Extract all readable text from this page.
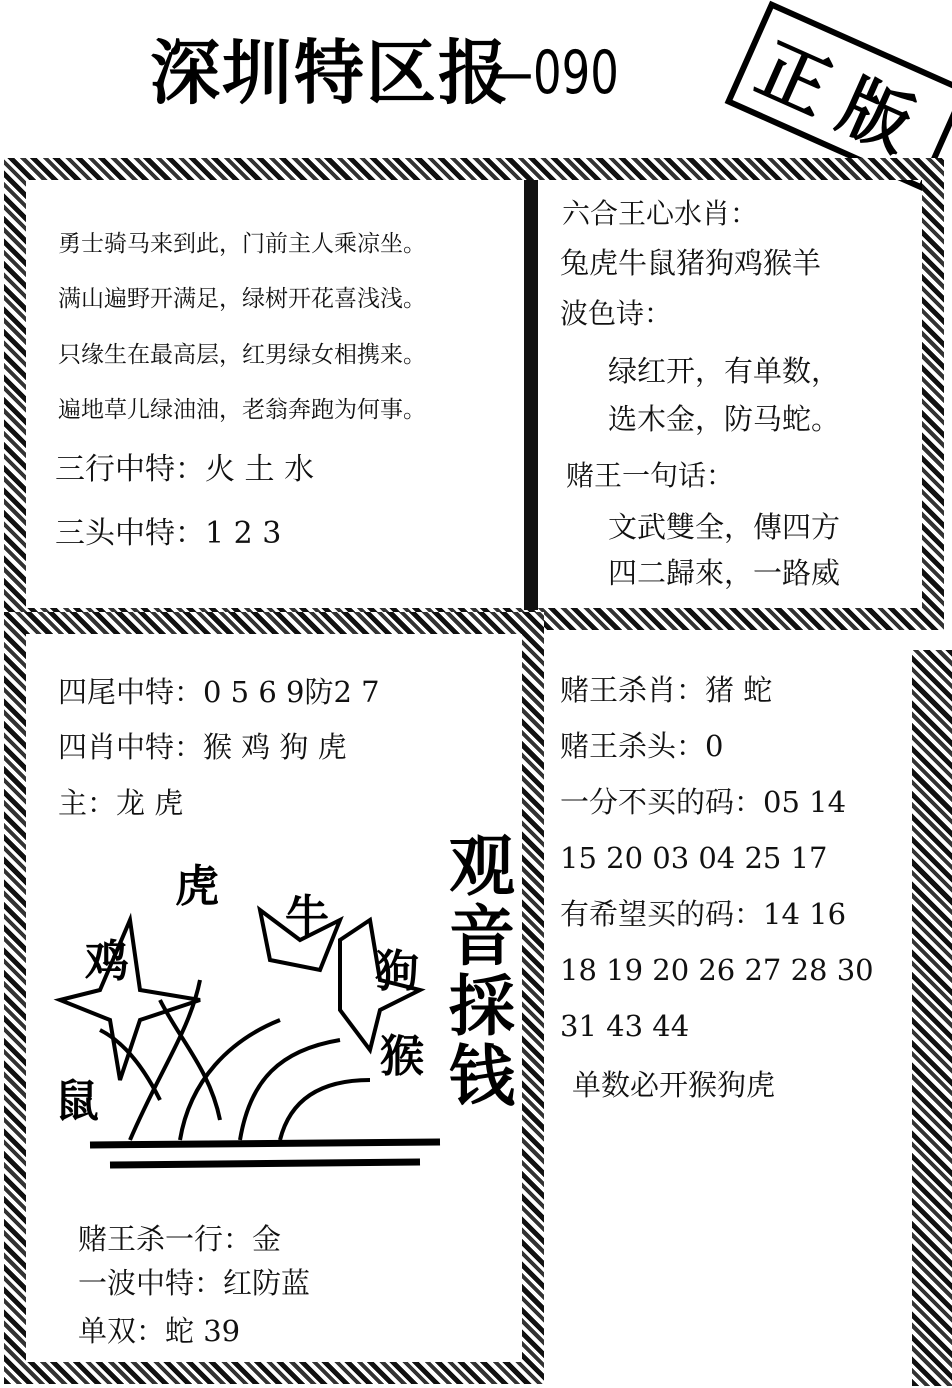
深圳特区报
—090 正版
勇士骑马来到此，门前主人乘凉坐。
满山遍野开满足，绿树开花喜浅浅。
只缘生在最高层，红男绿女相携来。
遍地草儿绿油油，老翁奔跑为何事。
三行中特：火 土 水
三头中特：1 2 3
六合王心水肖：
兔虎牛鼠猪狗鸡猴羊
波色诗：
绿红开，有单数，
选木金，防马蛇。
赌王一句话：
文武雙全，傳四方
四二歸來，一路威
四尾中特：0 5 6 9防2 7
四肖中特：猴 鸡 狗 虎
主：龙 虎
虎
牛
鸡	狗
猴
鼠
观
音
採
钱
赌王杀一行：金
一波中特：红防蓝
单双：蛇 39
赌王杀肖：猪 蛇
赌王杀头：0
一分不买的码：05 14
15 20 03 04 25 17
有希望买的码：14 16
18 19 20 26 27 28 30
31 43 44
单数必开猴狗虎
